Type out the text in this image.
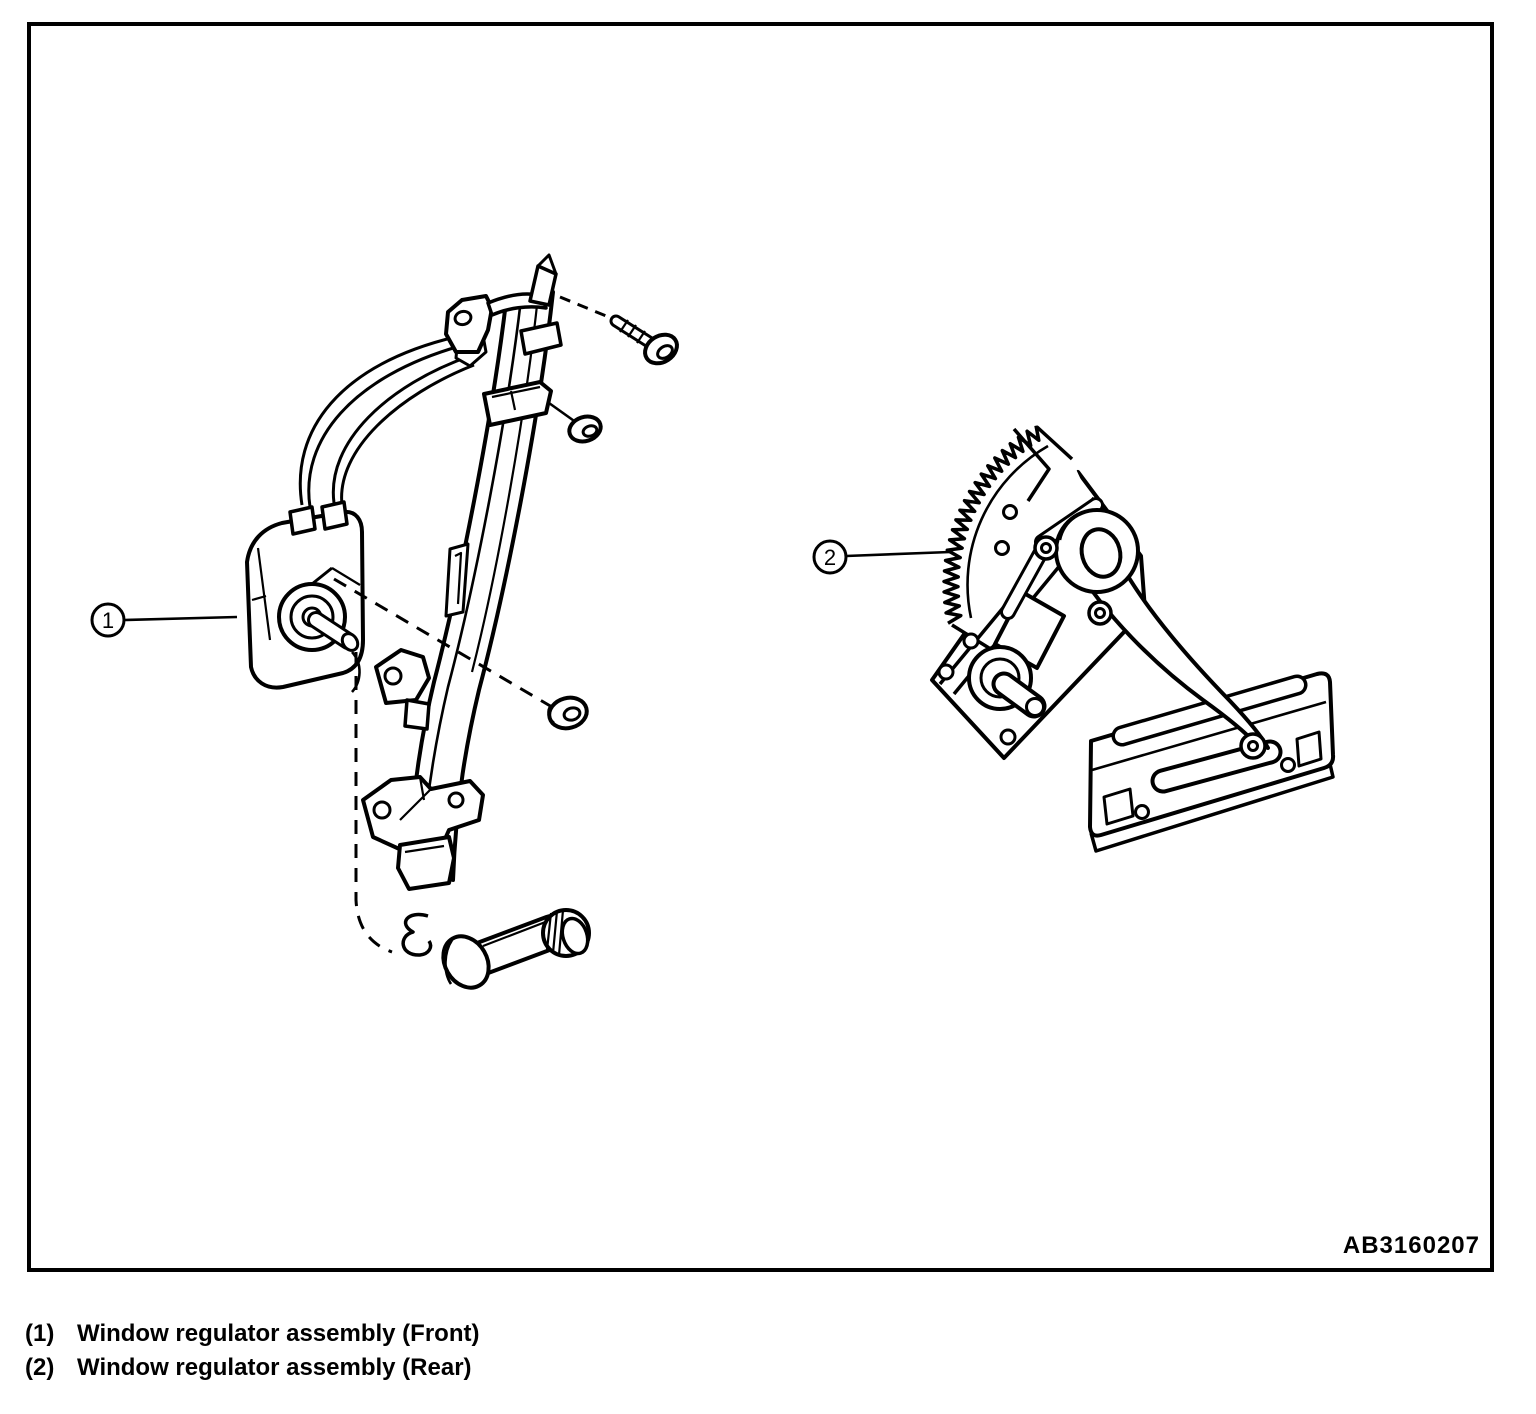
1
2
AB3160207
(1) Window regulator assembly (Front)
(2) Window regulator assembly (Rear)
